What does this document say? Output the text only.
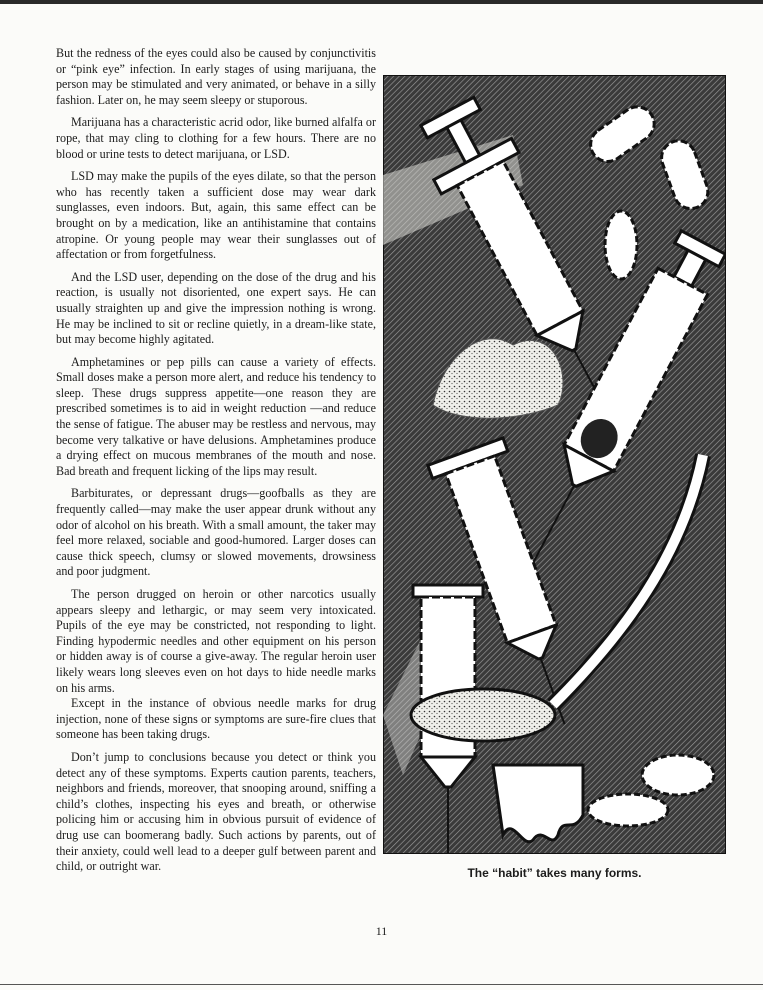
But the redness of the eyes could also be caused by conjunctivitis or “pink eye” infection. In early stages of using marijuana, the person may be stimulated and very animated, or behave in a silly fashion. Later on, he may seem sleepy or stuporous.

Marijuana has a characteristic acrid odor, like burned alfalfa or rope, that may cling to clothing for a few hours. There are no blood or urine tests to detect marijuana, or LSD.

LSD may make the pupils of the eyes dilate, so that the person who has recently taken a sufficient dose may wear dark sunglasses, even indoors. But, again, this same effect can be brought on by a medication, like an antihistamine that contains atropine. Or young people may wear their sunglasses out of affectation or from forgetfulness.

And the LSD user, depending on the dose of the drug and his reaction, is usually not disoriented, one expert says. He can usually straighten up and give the impression nothing is wrong. He may be inclined to sit or recline quietly, in a dream-like state, but may become highly agitated.

Amphetamines or pep pills can cause a variety of effects. Small doses make a person more alert, and reduce his tendency to sleep. These drugs suppress appetite—one reason they are prescribed sometimes is to aid in weight reduction —and reduce the sense of fatigue. The abuser may be restless and nervous, may become very talkative or have delusions. Amphetamines produce a drying effect on mucous membranes of the mouth and nose. Bad breath and frequent licking of the lips may result.

Barbiturates, or depressant drugs—goofballs as they are frequently called—may make the user appear drunk without any odor of alcohol on his breath. With a small amount, the taker may feel more relaxed, sociable and good-humored. Larger doses can cause thick speech, clumsy or slowed movements, drowsiness and poor judgment.

The person drugged on heroin or other narcotics usually appears sleepy and lethargic, or may seem very intoxicated. Pupils of the eye may be constricted, not responding to light. Finding hypodermic needles and other equipment on his person or hidden away is of course a give-away. The regular heroin user likely wears long sleeves even on hot days to hide needle marks on his arms.

Except in the instance of obvious needle marks for drug injection, none of these signs or symptoms are sure-fire clues that someone has been taking drugs.

Don’t jump to conclusions because you detect or think you detect any of these symptoms. Experts caution parents, teachers, neighbors and friends, moreover, that snooping around, sniffing a child’s clothes, inspecting his eyes and breath, or otherwise policing him or accusing him in obvious pursuit of evidence of drug use can boomerang badly. Such actions by parents, out of their anxiety, could well lead to a deeper gulf between parent and child, or outright war.	The “habit” takes many forms.
11
